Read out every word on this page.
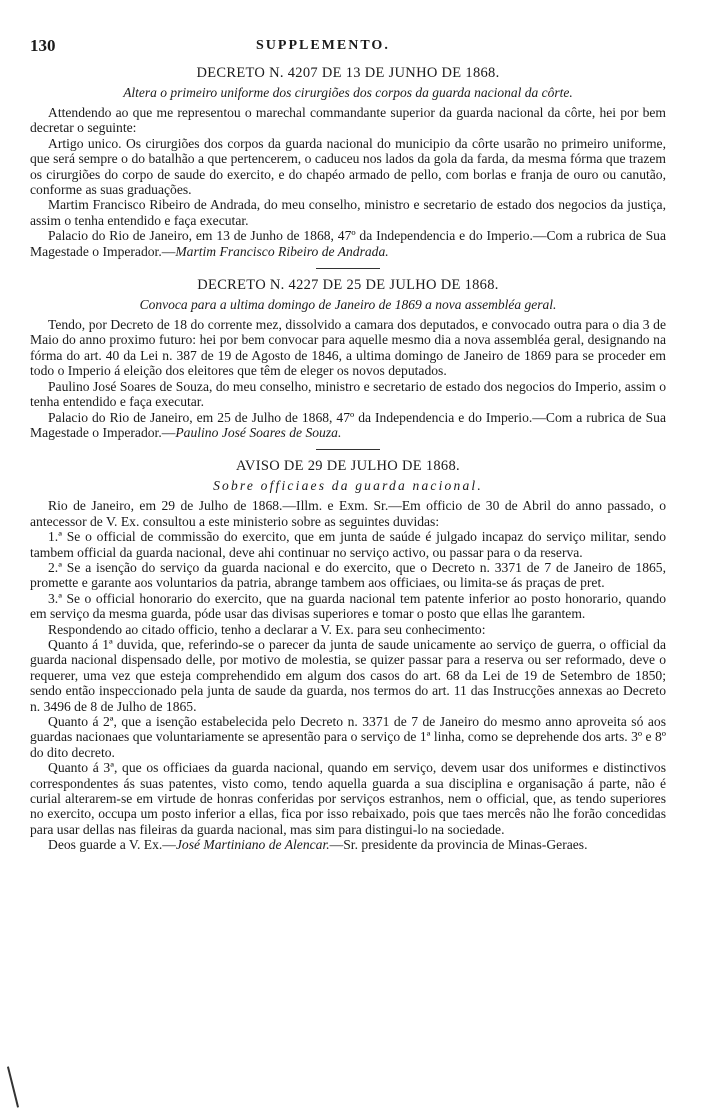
130	SUPPLEMENTO.

DECRETO N. 4207 DE 13 DE JUNHO DE 1868.

Altera o primeiro uniforme dos cirurgiões dos corpos da guarda nacional da côrte.

Attendendo ao que me representou o marechal commandante superior da guarda nacional da côrte, hei por bem decretar o seguinte:

Artigo unico. Os cirurgiões dos corpos da guarda nacional do municipio da côrte usarão no primeiro uniforme, que será sempre o do batalhão a que pertencerem, o caduceu nos lados da gola da farda, da mesma fórma que trazem os cirurgiões do corpo de saude do exercito, e do chapéo armado de pello, com borlas e franja de ouro ou canutão, conforme as suas graduações.

Martim Francisco Ribeiro de Andrada, do meu conselho, ministro e secretario de estado dos negocios da justiça, assim o tenha entendido e faça executar.

Palacio do Rio de Janeiro, em 13 de Junho de 1868, 47º da Independencia e do Imperio.—Com a rubrica de Sua Magestade o Imperador.—Martim Francisco Ribeiro de Andrada.

DECRETO N. 4227 DE 25 DE JULHO DE 1868.

Convoca para a ultima domingo de Janeiro de 1869 a nova assembléa geral.

Tendo, por Decreto de 18 do corrente mez, dissolvido a camara dos deputados, e convocado outra para o dia 3 de Maio do anno proximo futuro: hei por bem convocar para aquelle mesmo dia a nova assembléa geral, designando na fórma do art. 40 da Lei n. 387 de 19 de Agosto de 1846, a ultima domingo de Janeiro de 1869 para se proceder em todo o Imperio á eleição dos eleitores que têm de eleger os novos deputados.

Paulino José Soares de Souza, do meu conselho, ministro e secretario de estado dos negocios do Imperio, assim o tenha entendido e faça executar.

Palacio do Rio de Janeiro, em 25 de Julho de 1868, 47º da Independencia e do Imperio.—Com a rubrica de Sua Magestade o Imperador.—Paulino José Soares de Souza.

AVISO DE 29 DE JULHO DE 1868.

Sobre officiaes da guarda nacional.

Rio de Janeiro, em 29 de Julho de 1868.—Illm. e Exm. Sr.—Em officio de 30 de Abril do anno passado, o antecessor de V. Ex. consultou a este ministerio sobre as seguintes duvidas:

1.ª Se o official de commissão do exercito, que em junta de saúde é julgado incapaz do serviço militar, sendo tambem official da guarda nacional, deve ahi continuar no serviço activo, ou passar para o da reserva.

2.ª Se a isenção do serviço da guarda nacional e do exercito, que o Decreto n. 3371 de 7 de Janeiro de 1865, promette e garante aos voluntarios da patria, abrange tambem aos officiaes, ou limita-se ás praças de pret.

3.ª Se o official honorario do exercito, que na guarda nacional tem patente inferior ao posto honorario, quando em serviço da mesma guarda, póde usar das divisas superiores e tomar o posto que ellas lhe garantem.

Respondendo ao citado officio, tenho a declarar a V. Ex. para seu conhecimento:

Quanto á 1ª duvida, que, referindo-se o parecer da junta de saude unicamente ao serviço de guerra, o official da guarda nacional dispensado delle, por motivo de molestia, se quizer passar para a reserva ou ser reformado, deve o requerer, uma vez que esteja comprehendido em algum dos casos do art. 68 da Lei de 19 de Setembro de 1850; sendo então inspeccionado pela junta de saude da guarda, nos termos do art. 11 das Instrucções annexas ao Decreto n. 3496 de 8 de Julho de 1865.

Quanto á 2ª, que a isenção estabelecida pelo Decreto n. 3371 de 7 de Janeiro do mesmo anno aproveita só aos guardas nacionaes que voluntariamente se apresentão para o serviço de 1ª linha, como se deprehende dos arts. 3º e 8º do dito decreto.

Quanto á 3ª, que os officiaes da guarda nacional, quando em serviço, devem usar dos uniformes e distinctivos correspondentes ás suas patentes, visto como, tendo aquella guarda a sua disciplina e organisação á parte, não é curial alterarem-se em virtude de honras conferidas por serviços estranhos, nem o official, que, as tendo superiores no exercito, occupa um posto inferior a ellas, fica por isso rebaixado, pois que taes mercês não lhe forão concedidas para usar dellas nas fileiras da guarda nacional, mas sim para distingui-lo na sociedade.

Deos guarde a V. Ex.—José Martiniano de Alencar.—Sr. presidente da provincia de Minas-Geraes.
